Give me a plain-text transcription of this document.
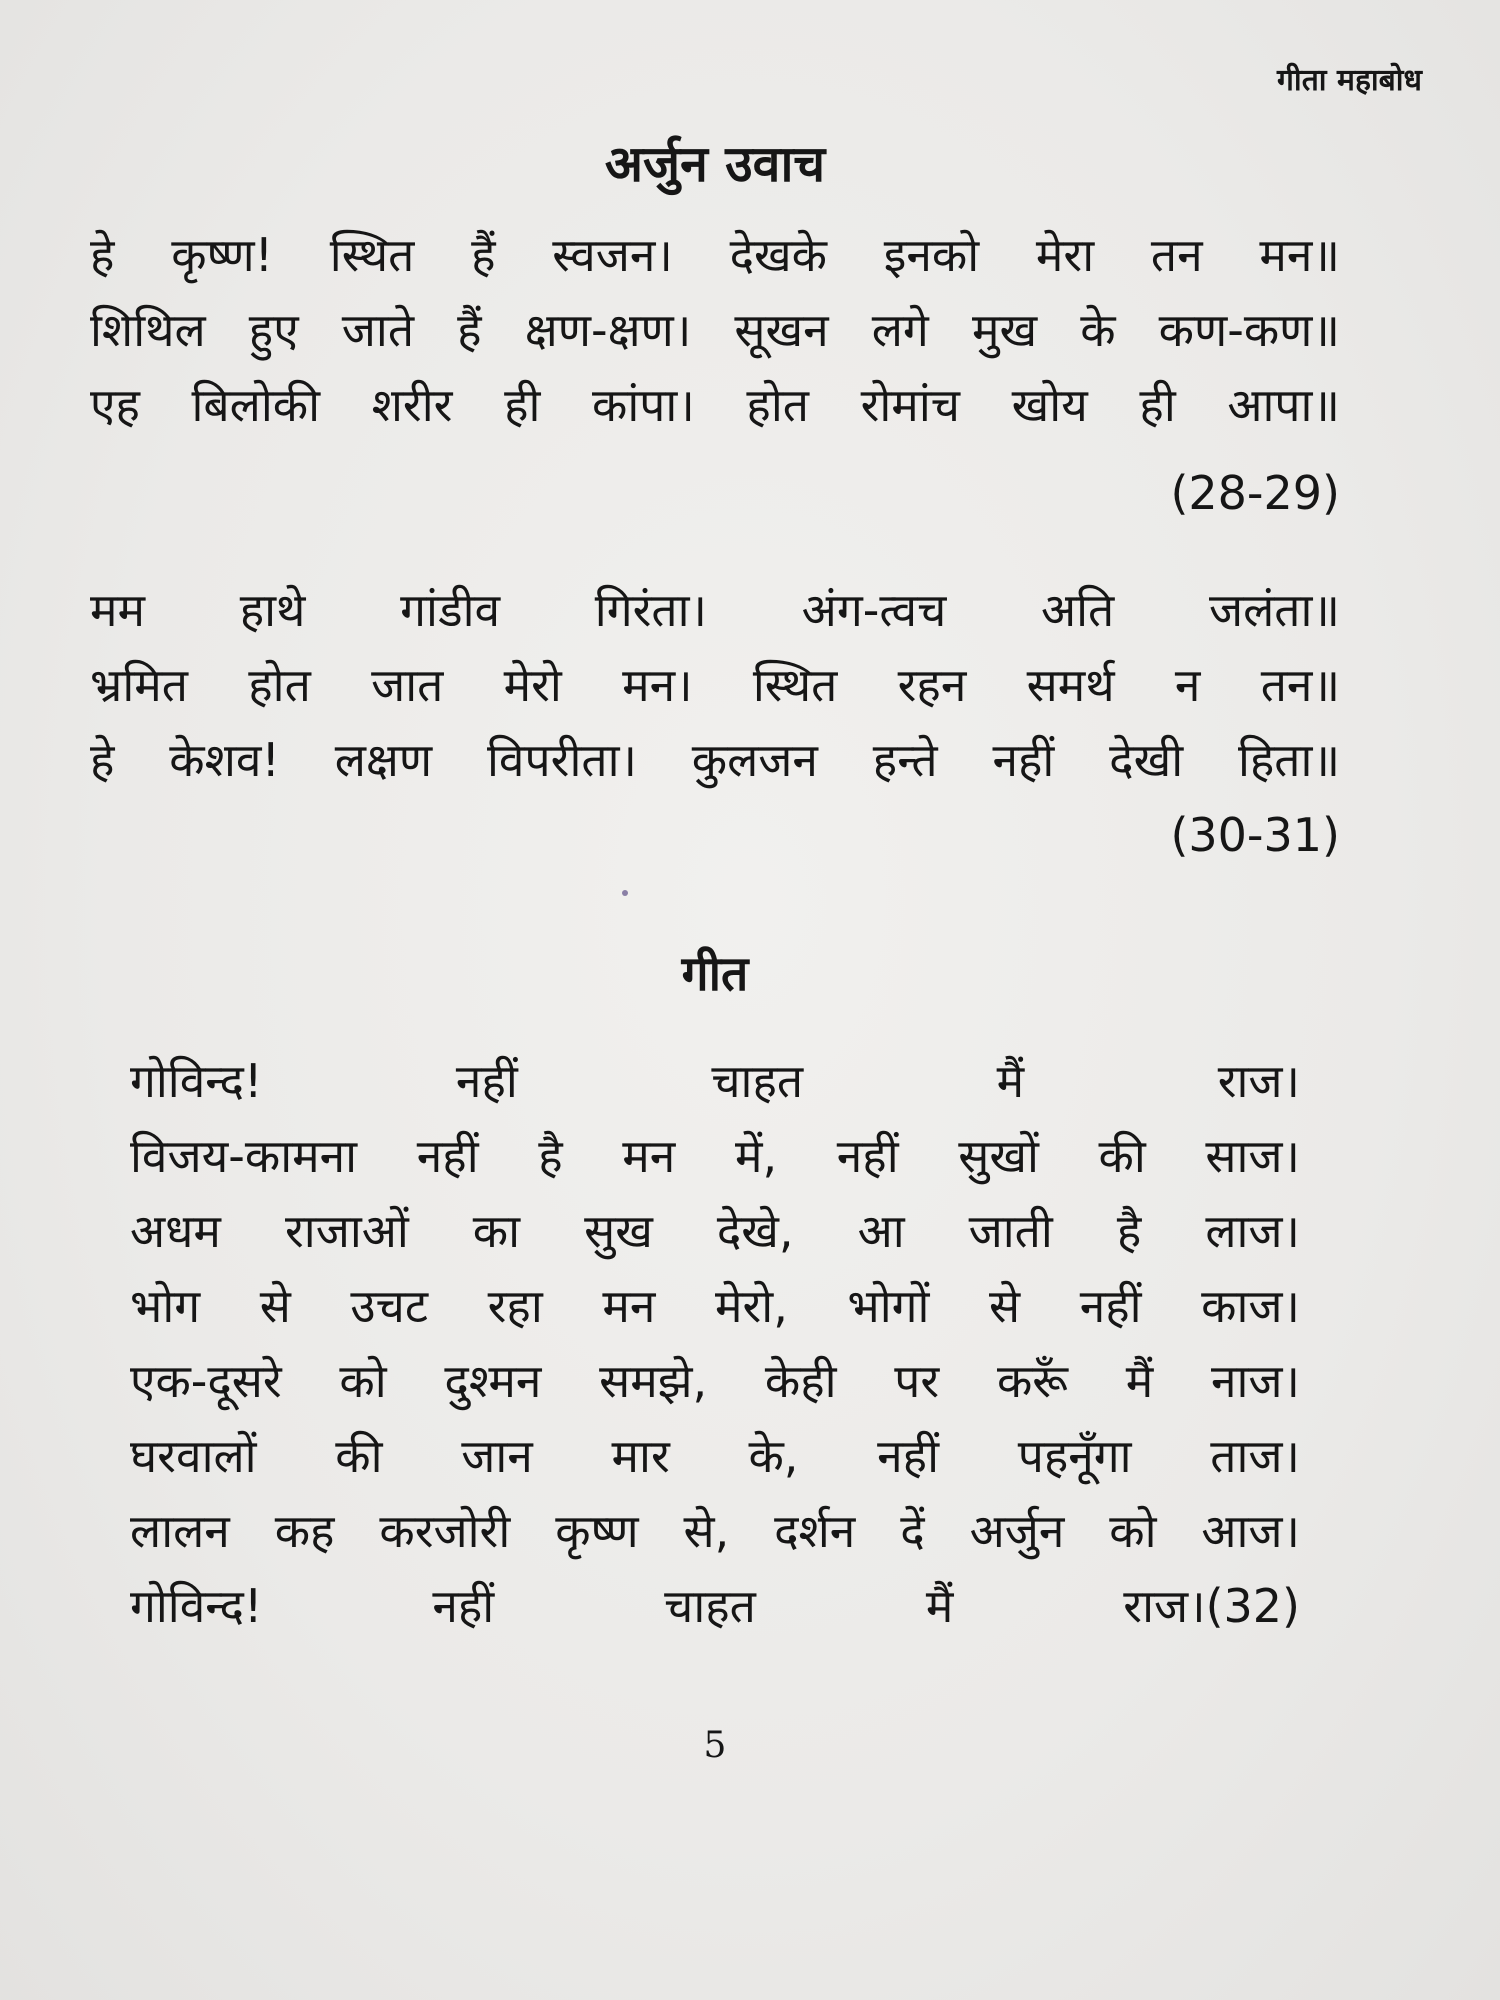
गीता महाबोध
अर्जुन उवाच
हे कृष्ण! स्थित हैं स्वजन। देखके इनको मेरा तन मन॥
शिथिल हुए जाते हैं क्षण-क्षण। सूखन लगे मुख के कण-कण॥
एह बिलोकी शरीर ही कांपा। होत रोमांच खोय ही आपा॥
(28-29)
मम हाथे गांडीव गिरंता। अंग-त्वच अति जलंता॥
भ्रमित होत जात मेरो मन। स्थित रहन समर्थ न तन॥
हे केशव! लक्षण विपरीता। कुलजन हन्ते नहीं देखी हिता॥
(30-31)
गीत
गोविन्द! नहीं चाहत मैं राज।
विजय-कामना नहीं है मन में, नहीं सुखों की साज।
अधम राजाओं का सुख देखे, आ जाती है लाज।
भोग से उचट रहा मन मेरो, भोगों से नहीं काज।
एक-दूसरे को दुश्मन समझे, केही पर करूँ मैं नाज।
घरवालों की जान मार के, नहीं पहनूँगा ताज।
लालन कह करजोरी कृष्ण से, दर्शन दें अर्जुन को आज।
गोविन्द! नहीं चाहत मैं राज।(32)
5
